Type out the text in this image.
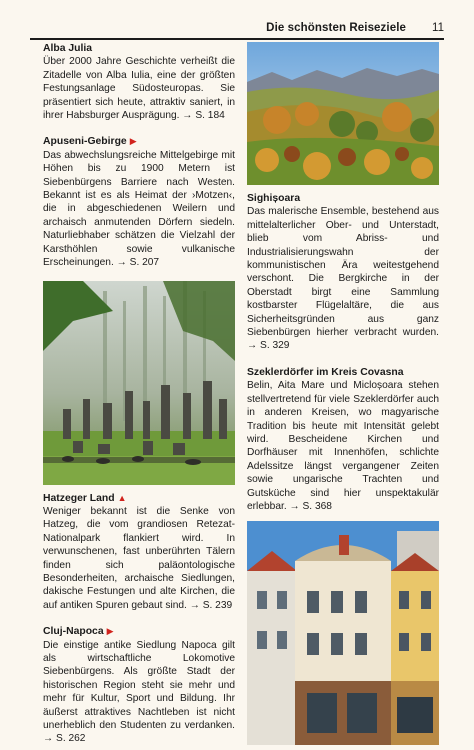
Die schönsten Reiseziele 11
Alba Julia

Über 2000 Jahre Geschichte verheißt die Zitadelle von Alba Iulia, eine der größten Festungsanlage Südosteuropas. Sie präsentiert sich heute, attraktiv saniert, in ihrer Habsburger Ausprägung. → S. 184

Apuseni-Gebirge ▶

Das abwechslungsreiche Mittelgebirge mit Höhen bis zu 1900 Metern ist Siebenbürgens Barriere nach Westen. Bekannt ist es als Heimat der ›Motzen‹, die in abgeschiedenen Weilern und archaisch anmutenden Dörfern siedeln. Naturliebhaber schätzen die Vielzahl der Karsthöhlen sowie vulkanische Erscheinungen. → S. 207

Hatzeger Land ▲

Weniger bekannt ist die Senke von Hatzeg, die vom grandiosen Retezat-Nationalpark flankiert wird. In verwunschenen, fast unberührten Tälern finden sich paläontologische Besonderheiten, archaische Siedlungen, dakische Festungen und alte Kirchen, die auf antiken Spuren gebaut sind. → S. 239

Cluj-Napoca ▶

Die einstige antike Siedlung Napoca gilt als wirtschaftliche Lokomotive Siebenbürgens. Als größte Stadt der historischen Region steht sie mehr und mehr für Kultur, Sport und Bildung. Ihr äußerst attraktives Nachtleben ist nicht unerheblich den Studenten zu verdanken. → S. 262

Sighișoara

Das malerische Ensemble, bestehend aus mittelalterlicher Ober- und Unterstadt, blieb vom Abriss- und Industrialisierungswahn der kommunistischen Ära weitestgehend verschont. Die Bergkirche in der Oberstadt birgt eine Sammlung kostbarster Flügelaltäre, die aus Sicherheitsgründen aus ganz Siebenbürgen hierher verbracht wurden. → S. 329

Szeklerdörfer im Kreis Covasna

Belin, Aita Mare und Micloșoara stehen stellvertretend für viele Szeklerdörfer auch in anderen Kreisen, wo magyarische Tradition bis heute mit Intensität gelebt wird. Bescheidene Kirchen und Dorfhäuser mit Innenhöfen, schlichte Adelssitze längst vergangener Zeiten sowie ungarische Trachten und Gutsküche sind hier unspektakulär erlebbar. → S. 368
